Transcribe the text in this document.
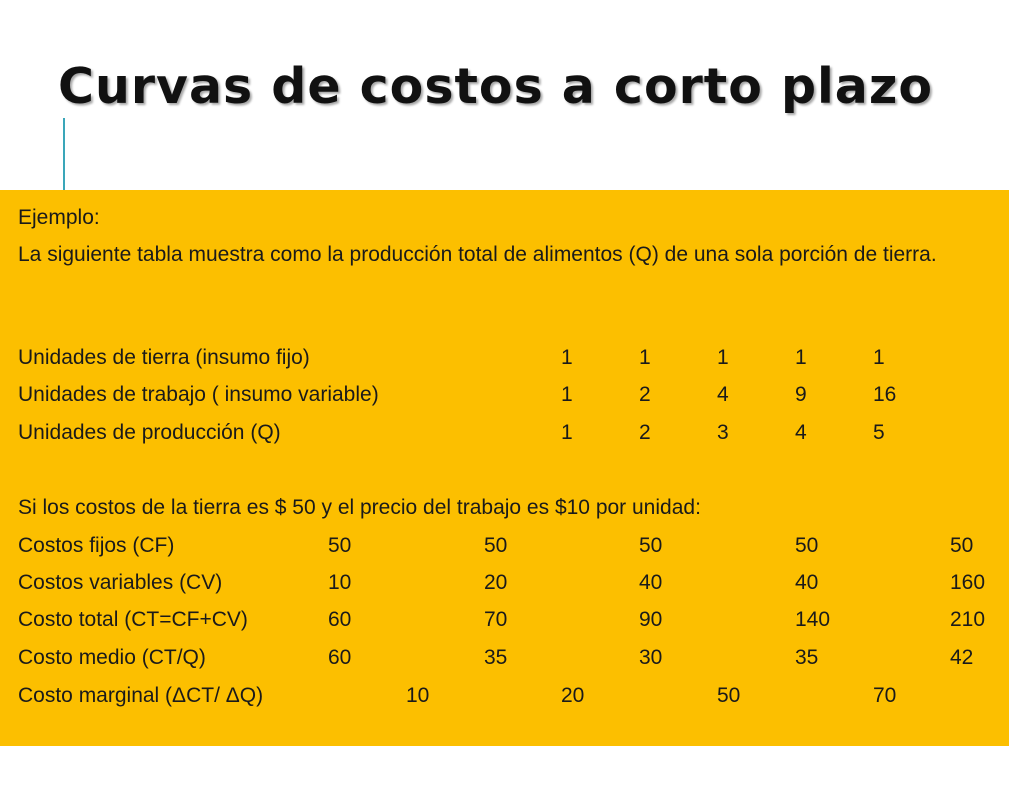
Curvas de costos a corto plazo
Ejemplo:
La siguiente tabla muestra como la producción total de alimentos (Q) de una sola porción de tierra.
Unidades de tierra (insumo fijo)	1	1	1	1	1
Unidades de trabajo ( insumo variable)	1	2	4	9	16
Unidades de producción (Q)	1	2	3	4	5
Si los costos de la tierra es $ 50 y el precio del trabajo es $10 por unidad:
Costos fijos (CF)	50	50	50	50	50
Costos variables (CV)	10	20	40	40	160
Costo total (CT=CF+CV)	60	70	90	140	210
Costo medio (CT/Q)	60	35	30	35	42
Costo marginal (ΔCT/ ΔQ)	10	20	50	70
